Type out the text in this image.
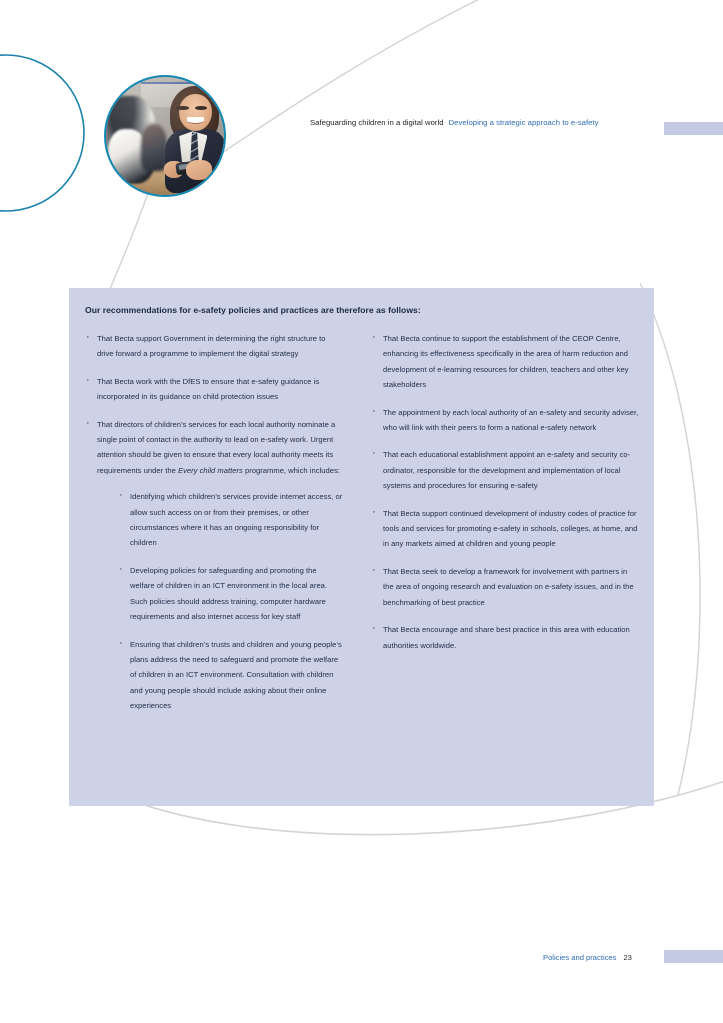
Safeguarding children in a digital world Developing a strategic approach to e-safety
Our recommendations for e-safety policies and practices are therefore as follows:
· That Becta support Government in determining the right structure to drive forward a programme to implement the digital strategy
· That Becta work with the DfES to ensure that e-safety guidance is incorporated in its guidance on child protection issues
· That directors of children’s services for each local authority nominate a single point of contact in the authority to lead on e-safety work. Urgent attention should be given to ensure that every local authority meets its requirements under the Every child matters programme, which includes:
· Identifying which children’s services provide internet access, or allow such access on or from their premises, or other circumstances where it has an ongoing responsibility for children
· Developing policies for safeguarding and promoting the welfare of children in an ICT environment in the local area. Such policies should address training, computer hardware requirements and also internet access for key staff
· Ensuring that children’s trusts and children and young people’s plans address the need to safeguard and promote the welfare of children in an ICT environment. Consultation with children and young people should include asking about their online experiences
· That Becta continue to support the establishment of the CEOP Centre, enhancing its effectiveness specifically in the area of harm reduction and development of e-learning resources for children, teachers and other key stakeholders
· The appointment by each local authority of an e-safety and security adviser, who will link with their peers to form a national e-safety network
· That each educational establishment appoint an e-safety and security co-ordinator, responsible for the development and implementation of local systems and procedures for ensuring e-safety
· That Becta support continued development of industry codes of practice for tools and services for promoting e-safety in schools, colleges, at home, and in any markets aimed at children and young people
· That Becta seek to develop a framework for involvement with partners in the area of ongoing research and evaluation on e-safety issues, and in the benchmarking of best practice
· That Becta encourage and share best practice in this area with education authorities worldwide.
Policies and practices 23
